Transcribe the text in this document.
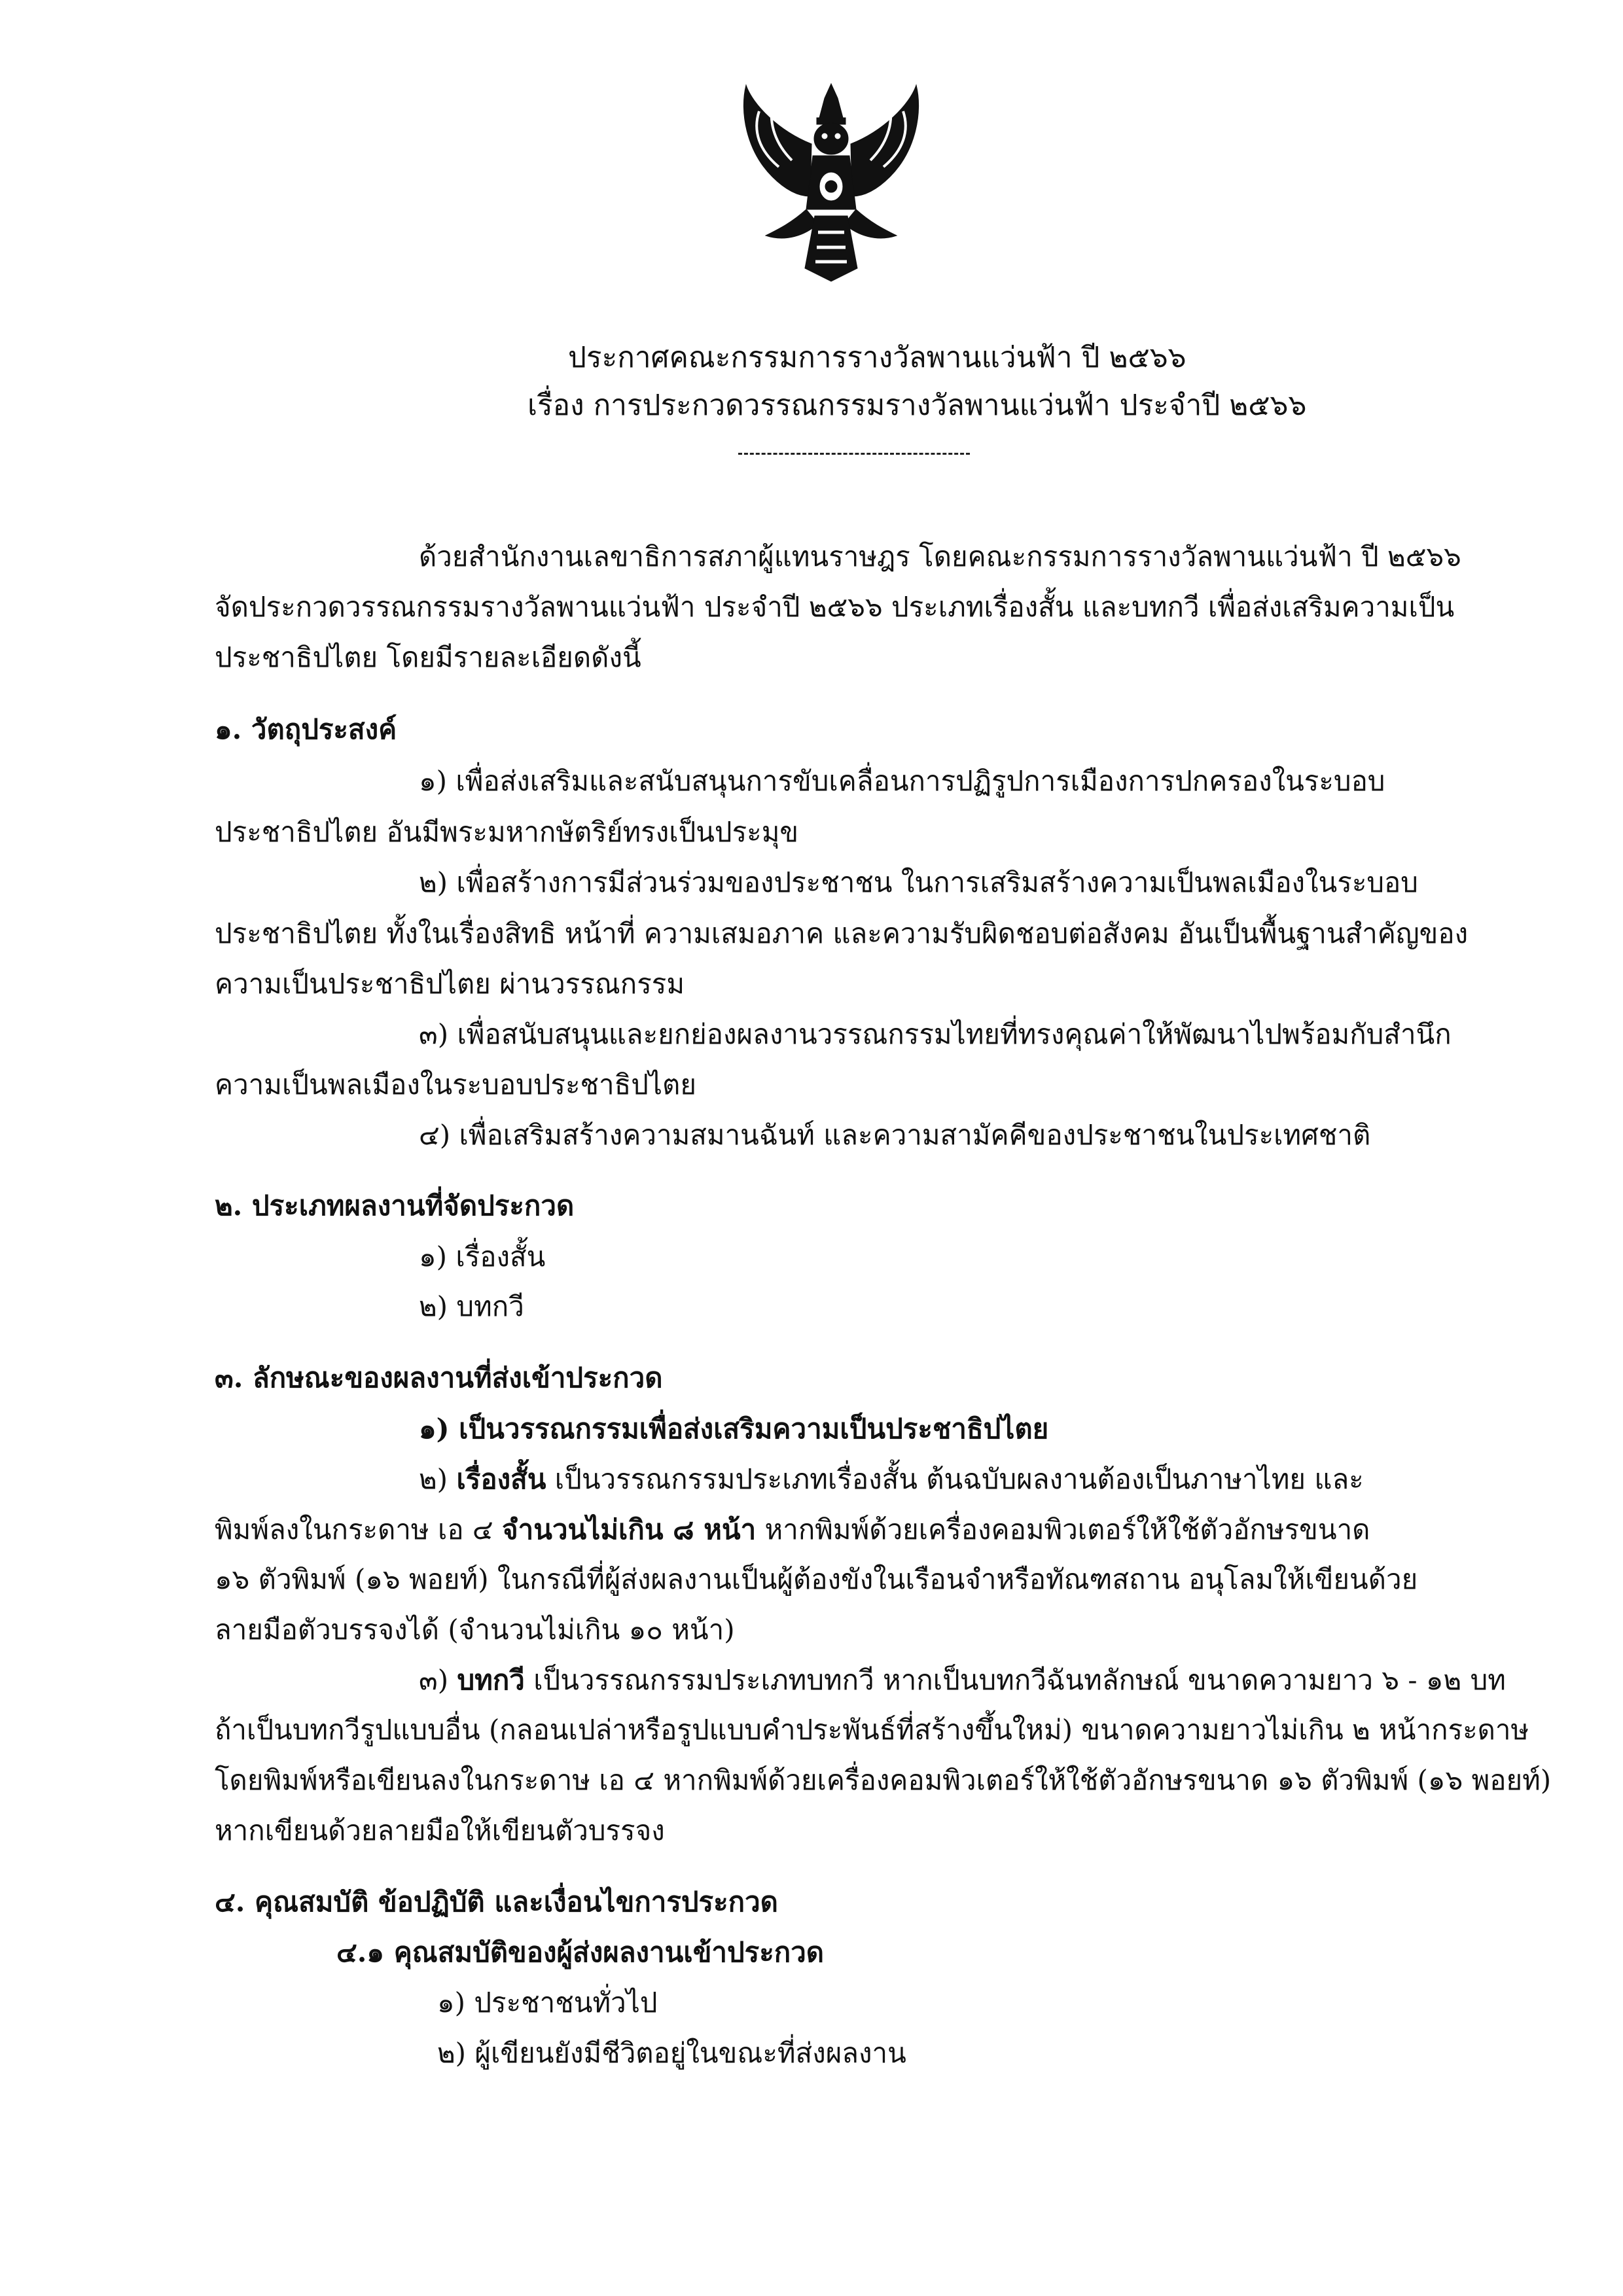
ประกาศคณะกรรมการรางวัลพานแว่นฟ้า ปี ๒๕๖๖
เรื่อง การประกวดวรรณกรรมรางวัลพานแว่นฟ้า ประจำปี ๒๕๖๖
ด้วยสำนักงานเลขาธิการสภาผู้แทนราษฎร โดยคณะกรรมการรางวัลพานแว่นฟ้า ปี ๒๕๖๖
จัดประกวดวรรณกรรมรางวัลพานแว่นฟ้า ประจำปี ๒๕๖๖ ประเภทเรื่องสั้น และบทกวี เพื่อส่งเสริมความเป็น
ประชาธิปไตย โดยมีรายละเอียดดังนี้
๑. วัตถุประสงค์
๑) เพื่อส่งเสริมและสนับสนุนการขับเคลื่อนการปฏิรูปการเมืองการปกครองในระบอบ
ประชาธิปไตย อันมีพระมหากษัตริย์ทรงเป็นประมุข
๒) เพื่อสร้างการมีส่วนร่วมของประชาชน ในการเสริมสร้างความเป็นพลเมืองในระบอบ
ประชาธิปไตย ทั้งในเรื่องสิทธิ หน้าที่ ความเสมอภาค และความรับผิดชอบต่อสังคม อันเป็นพื้นฐานสำคัญของ
ความเป็นประชาธิปไตย ผ่านวรรณกรรม
๓) เพื่อสนับสนุนและยกย่องผลงานวรรณกรรมไทยที่ทรงคุณค่าให้พัฒนาไปพร้อมกับสำนึก
ความเป็นพลเมืองในระบอบประชาธิปไตย
๔) เพื่อเสริมสร้างความสมานฉันท์ และความสามัคคีของประชาชนในประเทศชาติ
๒. ประเภทผลงานที่จัดประกวด
๑) เรื่องสั้น
๒) บทกวี
๓. ลักษณะของผลงานที่ส่งเข้าประกวด
๑) เป็นวรรณกรรมเพื่อส่งเสริมความเป็นประชาธิปไตย
๒) เรื่องสั้น เป็นวรรณกรรมประเภทเรื่องสั้น ต้นฉบับผลงานต้องเป็นภาษาไทย และ
พิมพ์ลงในกระดาษ เอ ๔ จำนวนไม่เกิน ๘ หน้า หากพิมพ์ด้วยเครื่องคอมพิวเตอร์ให้ใช้ตัวอักษรขนาด
๑๖ ตัวพิมพ์ (๑๖ พอยท์) ในกรณีที่ผู้ส่งผลงานเป็นผู้ต้องขังในเรือนจำหรือทัณฑสถาน อนุโลมให้เขียนด้วย
ลายมือตัวบรรจงได้ (จำนวนไม่เกิน ๑๐ หน้า)
๓) บทกวี เป็นวรรณกรรมประเภทบทกวี หากเป็นบทกวีฉันทลักษณ์ ขนาดความยาว ๖ - ๑๒ บท
ถ้าเป็นบทกวีรูปแบบอื่น (กลอนเปล่าหรือรูปแบบคำประพันธ์ที่สร้างขึ้นใหม่) ขนาดความยาวไม่เกิน ๒ หน้ากระดาษ
โดยพิมพ์หรือเขียนลงในกระดาษ เอ ๔ หากพิมพ์ด้วยเครื่องคอมพิวเตอร์ให้ใช้ตัวอักษรขนาด ๑๖ ตัวพิมพ์ (๑๖ พอยท์)
หากเขียนด้วยลายมือให้เขียนตัวบรรจง
๔. คุณสมบัติ ข้อปฏิบัติ และเงื่อนไขการประกวด
๔.๑ คุณสมบัติของผู้ส่งผลงานเข้าประกวด
๑) ประชาชนทั่วไป
๒) ผู้เขียนยังมีชีวิตอยู่ในขณะที่ส่งผลงาน
